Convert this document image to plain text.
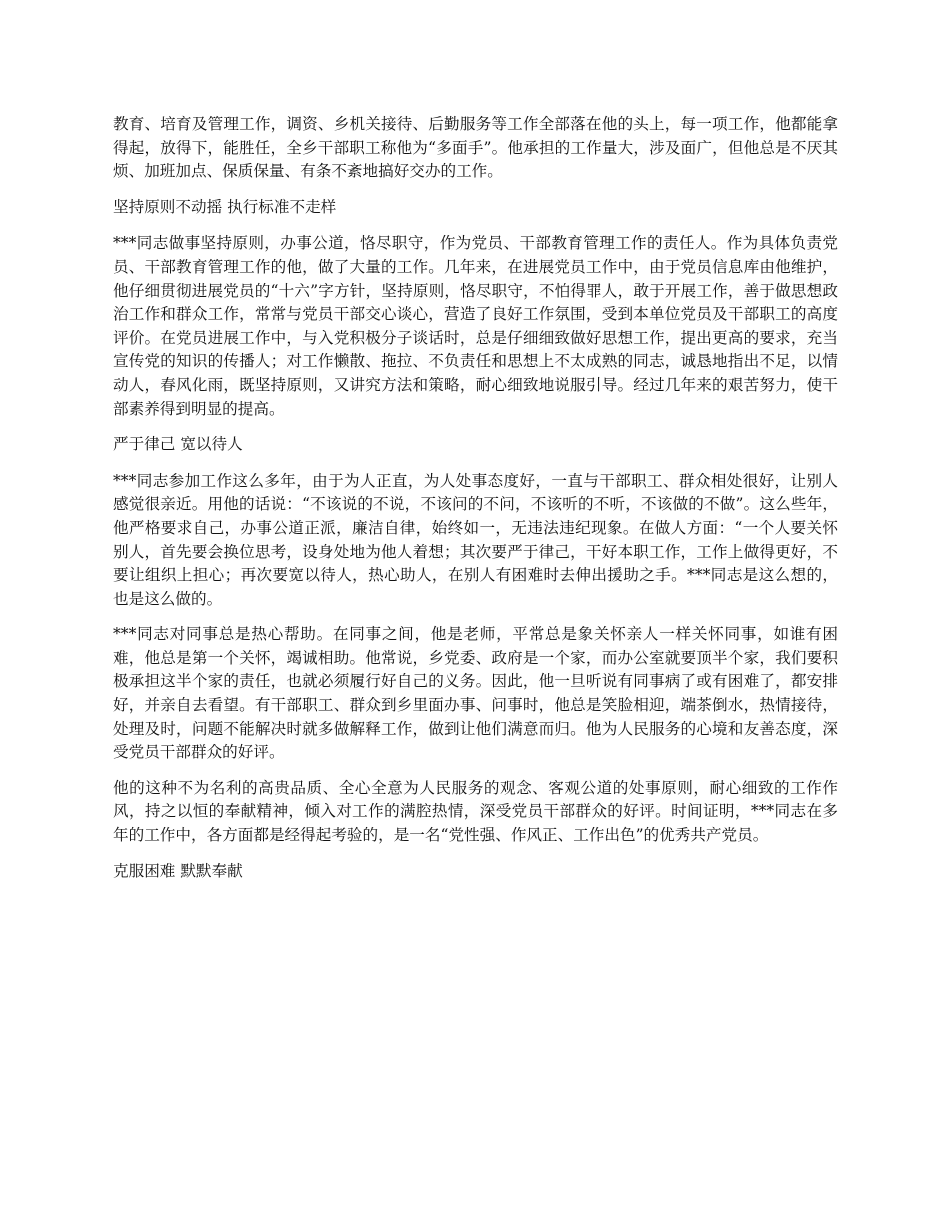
教育、培育及管理工作，调资、乡机关接待、后勤服务等工作全部落在他的头上，每一项工作，他都能拿得起，放得下，能胜任，全乡干部职工称他为“多面手”。他承担的工作量大，涉及面广，但他总是不厌其烦、加班加点、保质保量、有条不紊地搞好交办的工作。

坚持原则不动摇 执行标准不走样

***同志做事坚持原则，办事公道，恪尽职守，作为党员、干部教育管理工作的责任人。作为具体负责党员、干部教育管理工作的他，做了大量的工作。几年来，在进展党员工作中，由于党员信息库由他维护，他仔细贯彻进展党员的“十六”字方针，坚持原则，恪尽职守，不怕得罪人，敢于开展工作，善于做思想政治工作和群众工作，常常与党员干部交心谈心，营造了良好工作氛围，受到本单位党员及干部职工的高度评价。在党员进展工作中，与入党积极分子谈话时，总是仔细细致做好思想工作，提出更高的要求，充当宣传党的知识的传播人；对工作懒散、拖拉、不负责任和思想上不太成熟的同志，诚恳地指出不足，以情动人，春风化雨，既坚持原则，又讲究方法和策略，耐心细致地说服引导。经过几年来的艰苦努力，使干部素养得到明显的提高。

严于律己 宽以待人

***同志参加工作这么多年，由于为人正直，为人处事态度好，一直与干部职工、群众相处很好，让别人感觉很亲近。用他的话说：“不该说的不说，不该问的不问，不该听的不听，不该做的不做”。这么些年，他严格要求自己，办事公道正派，廉洁自律，始终如一，无违法违纪现象。在做人方面：“一个人要关怀别人，首先要会换位思考，设身处地为他人着想；其次要严于律己，干好本职工作，工作上做得更好，不要让组织上担心；再次要宽以待人，热心助人，在别人有困难时去伸出援助之手。***同志是这么想的，也是这么做的。

***同志对同事总是热心帮助。在同事之间，他是老师，平常总是象关怀亲人一样关怀同事，如谁有困难，他总是第一个关怀，竭诚相助。他常说，乡党委、政府是一个家，而办公室就要顶半个家，我们要积极承担这半个家的责任，也就必须履行好自己的义务。因此，他一旦听说有同事病了或有困难了，都安排好，并亲自去看望。有干部职工、群众到乡里面办事、问事时，他总是笑脸相迎，端茶倒水，热情接待，处理及时，问题不能解决时就多做解释工作，做到让他们满意而归。他为人民服务的心境和友善态度，深受党员干部群众的好评。

他的这种不为名利的高贵品质、全心全意为人民服务的观念、客观公道的处事原则，耐心细致的工作作风，持之以恒的奉献精神，倾入对工作的满腔热情，深受党员干部群众的好评。时间证明，***同志在多年的工作中，各方面都是经得起考验的，是一名“党性强、作风正、工作出色”的优秀共产党员。

克服困难 默默奉献
